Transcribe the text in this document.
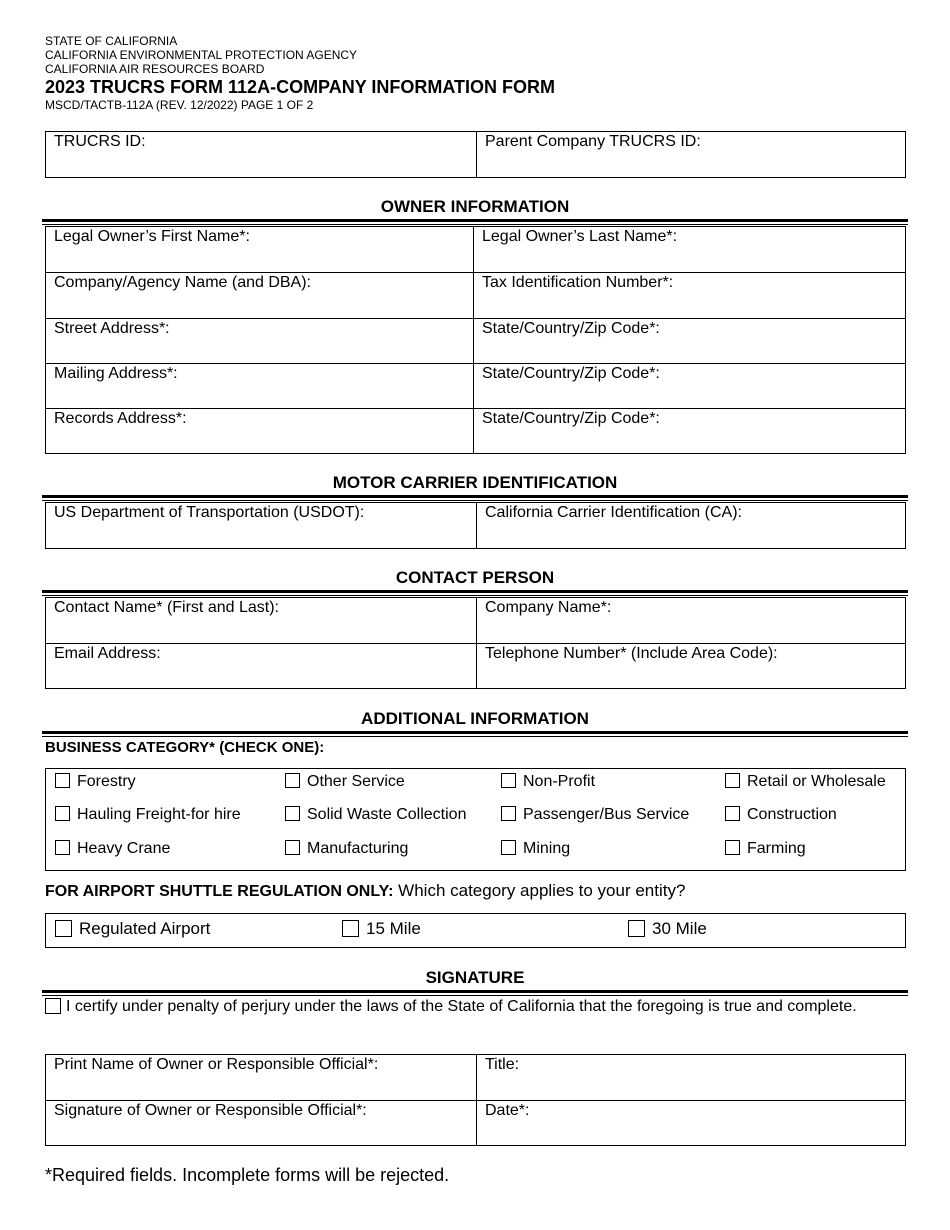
STATE OF CALIFORNIA
CALIFORNIA ENVIRONMENTAL PROTECTION AGENCY
CALIFORNIA AIR RESOURCES BOARD
2023 TRUCRS FORM 112A-COMPANY INFORMATION FORM
MSCD/TACTB-112A (REV. 12/2022) PAGE 1 OF 2
TRUCRS ID:	Parent Company TRUCRS ID:
OWNER INFORMATION
Legal Owner’s First Name*:	Legal Owner’s Last Name*:
Company/Agency Name (and DBA):	Tax Identification Number*:
Street Address*:	State/Country/Zip Code*:
Mailing Address*:	State/Country/Zip Code*:
Records Address*:	State/Country/Zip Code*:
MOTOR CARRIER IDENTIFICATION
US Department of Transportation (USDOT):	California Carrier Identification (CA):
CONTACT PERSON
Contact Name* (First and Last):	Company Name*:
Email Address:	Telephone Number* (Include Area Code):
ADDITIONAL INFORMATION
BUSINESS CATEGORY* (CHECK ONE):
Forestry	Other Service	Non-Profit	Retail or Wholesale
Hauling Freight-for hire	Solid Waste Collection	Passenger/Bus Service	Construction
Heavy Crane	Manufacturing	Mining	Farming
FOR AIRPORT SHUTTLE REGULATION ONLY: Which category applies to your entity?
Regulated Airport	15 Mile	30 Mile
SIGNATURE
I certify under penalty of perjury under the laws of the State of California that the foregoing is true and complete.
Print Name of Owner or Responsible Official*:	Title:
Signature of Owner or Responsible Official*:	Date*:
*Required fields. Incomplete forms will be rejected.
